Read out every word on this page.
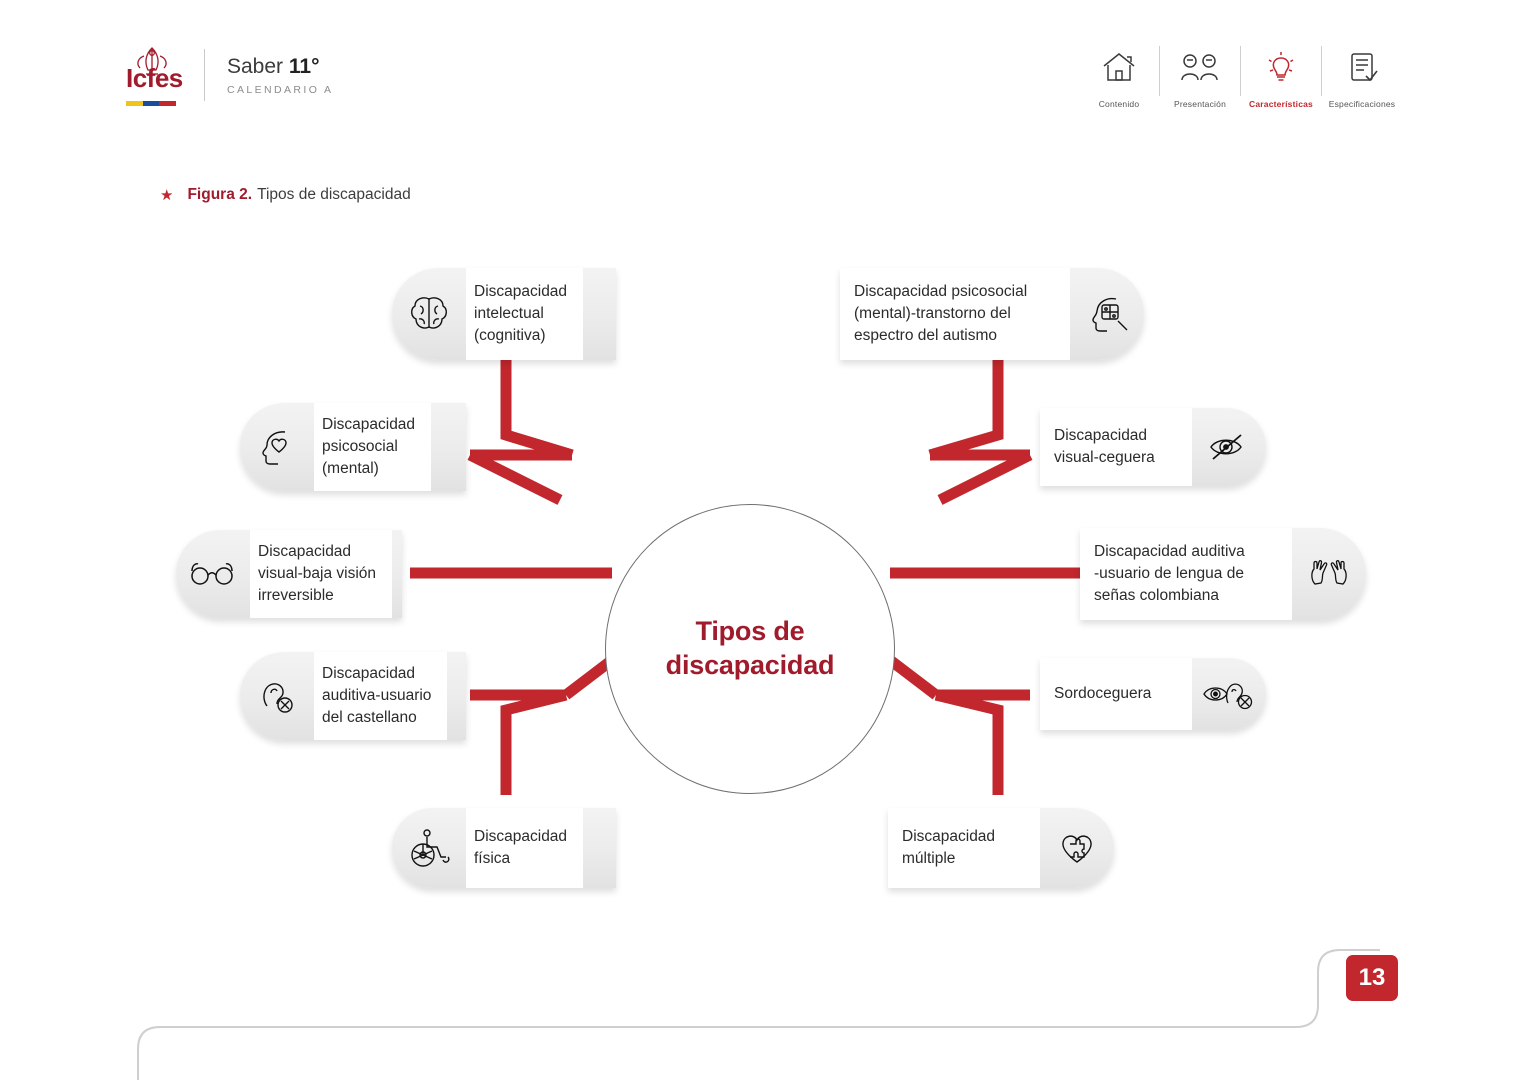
Icfes Saber 11°
CALENDARIO A
Contenido	Presentación	Características	Especificaciones
★ Figura 2. Tipos de discapacidad
Tipos de
discapacidad
Discapacidad
intelectual
(cognitiva)
Discapacidad psicosocial
(mental)-transtorno del
espectro del autismo
Discapacidad
psicosocial
(mental)
Discapacidad
visual-ceguera
Discapacidad
visual-baja visión
irreversible
Discapacidad auditiva
-usuario de lengua de
señas colombiana
Discapacidad
auditiva-usuario
del castellano
Sordoceguera
Discapacidad
física
Discapacidad
múltiple
13
